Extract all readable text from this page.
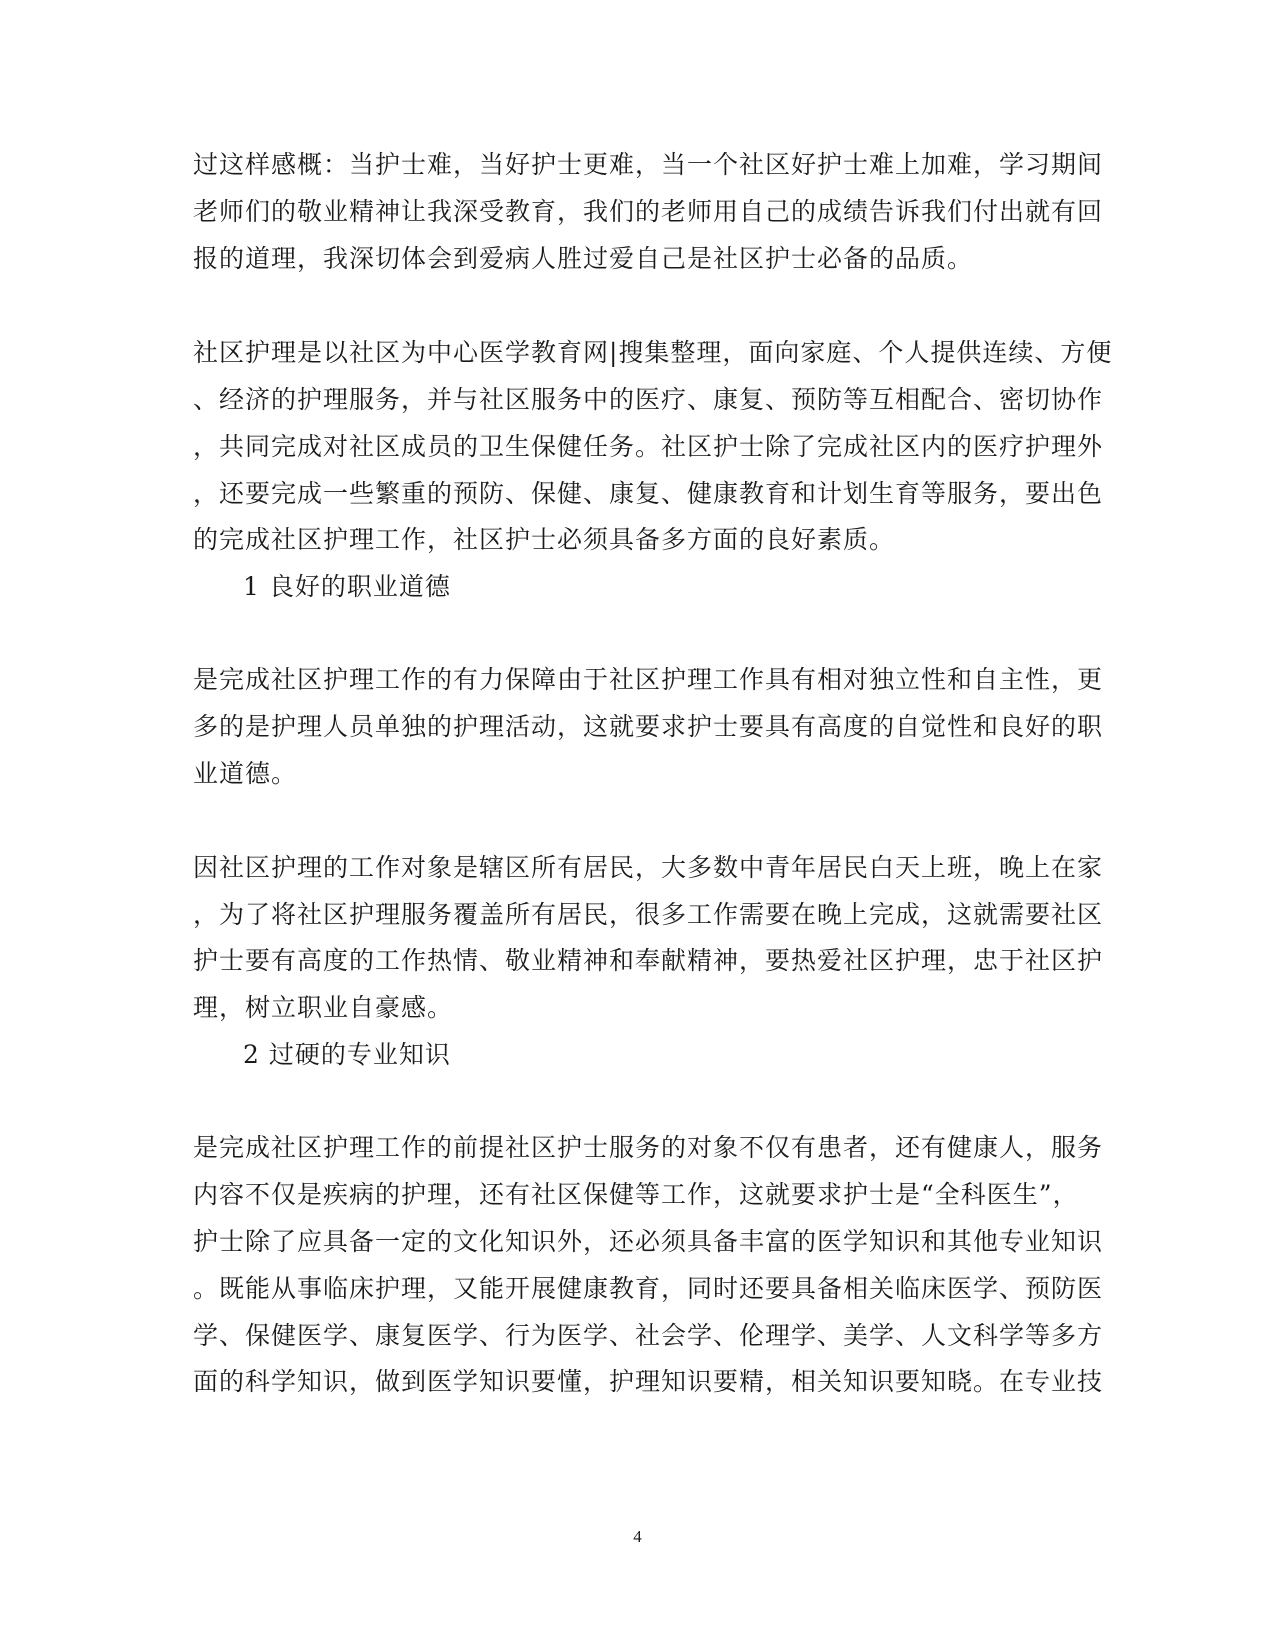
过这样感概：当护士难，当好护士更难，当一个社区好护士难上加难，学习期间
老师们的敬业精神让我深受教育，我们的老师用自己的成绩告诉我们付出就有回
报的道理，我深切体会到爱病人胜过爱自己是社区护士必备的品质。
社区护理是以社区为中心医学教育网|搜集整理，面向家庭、个人提供连续、方便
、经济的护理服务，并与社区服务中的医疗、康复、预防等互相配合、密切协作
，共同完成对社区成员的卫生保健任务。社区护士除了完成社区内的医疗护理外
，还要完成一些繁重的预防、保健、康复、健康教育和计划生育等服务，要出色
的完成社区护理工作，社区护士必须具备多方面的良好素质。
1 良好的职业道德
是完成社区护理工作的有力保障由于社区护理工作具有相对独立性和自主性，更
多的是护理人员单独的护理活动，这就要求护士要具有高度的自觉性和良好的职
业道德。
因社区护理的工作对象是辖区所有居民，大多数中青年居民白天上班，晚上在家
，为了将社区护理服务覆盖所有居民，很多工作需要在晚上完成，这就需要社区
护士要有高度的工作热情、敬业精神和奉献精神，要热爱社区护理，忠于社区护
理，树立职业自豪感。
2 过硬的专业知识
是完成社区护理工作的前提社区护士服务的对象不仅有患者，还有健康人，服务
内容不仅是疾病的护理，还有社区保健等工作，这就要求护士是“全科医生”，
护士除了应具备一定的文化知识外，还必须具备丰富的医学知识和其他专业知识
。既能从事临床护理，又能开展健康教育，同时还要具备相关临床医学、预防医
学、保健医学、康复医学、行为医学、社会学、伦理学、美学、人文科学等多方
面的科学知识，做到医学知识要懂，护理知识要精，相关知识要知晓。在专业技
4
